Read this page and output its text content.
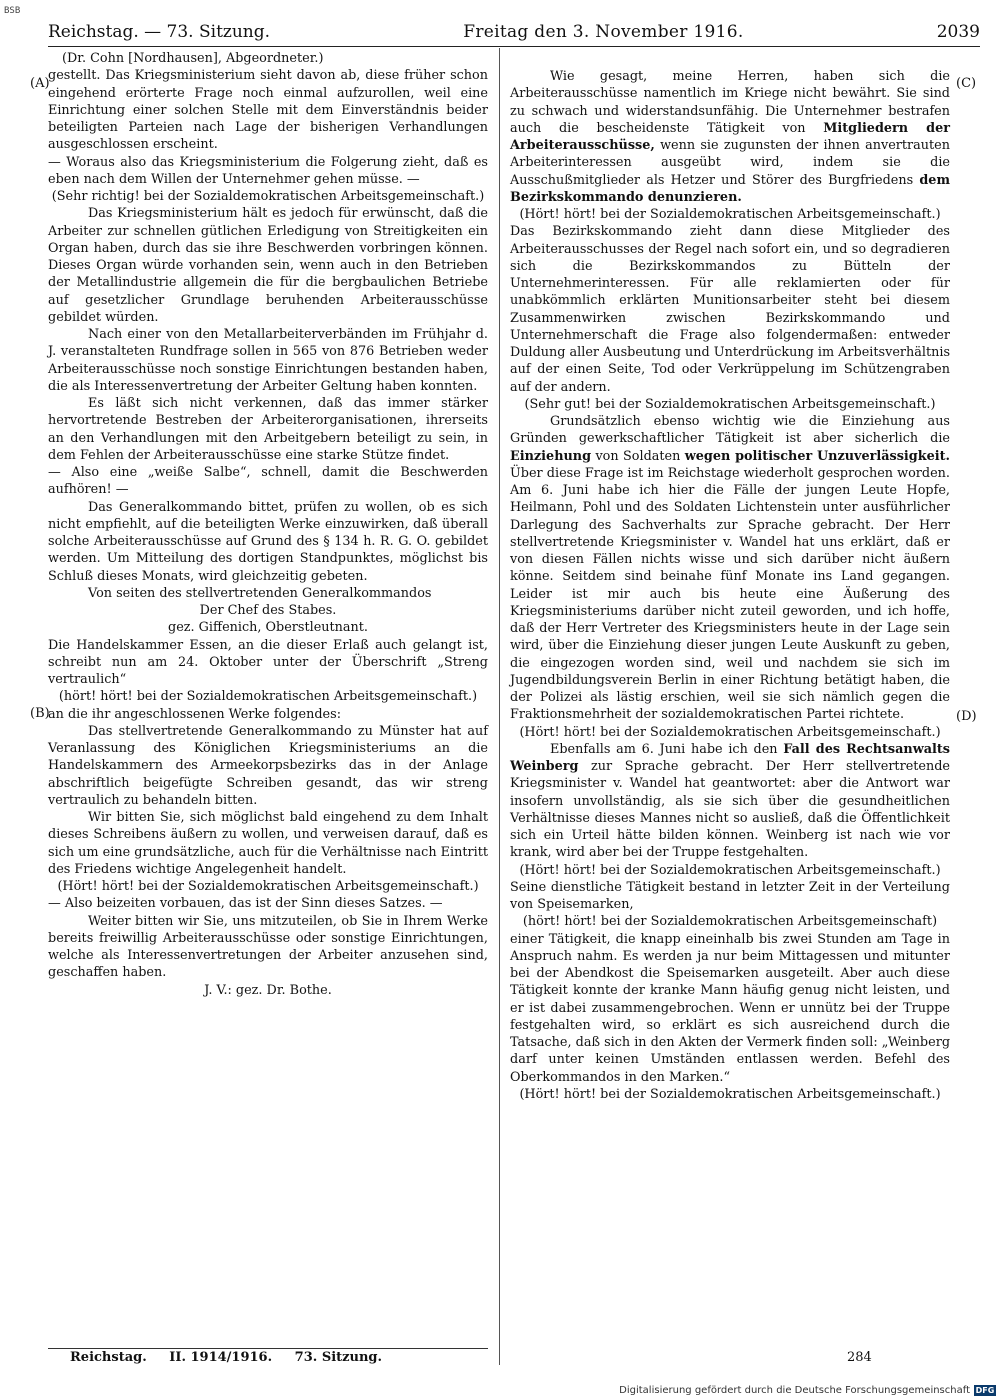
BSB
Reichstag. — 73. Sitzung.	Freitag den 3. November 1916.	2039
(A)
(B)
(C)
(D)

(Dr. Cohn [Nordhausen], Abgeordneter.)

gestellt. Das Kriegsministerium sieht davon ab, diese früher schon eingehend erörterte Frage noch einmal aufzurollen, weil eine Einrichtung einer solchen Stelle mit dem Einverständnis beider beteiligten Parteien nach Lage der bisherigen Verhandlungen ausgeschlossen erscheint.

— Woraus also das Kriegsministerium die Folgerung zieht, daß es eben nach dem Willen der Unternehmer gehen müsse. —

(Sehr richtig! bei der Sozialdemokratischen Arbeitsgemeinschaft.)

Das Kriegsministerium hält es jedoch für erwünscht, daß die Arbeiter zur schnellen gütlichen Erledigung von Streitigkeiten ein Organ haben, durch das sie ihre Beschwerden vorbringen können. Dieses Organ würde vorhanden sein, wenn auch in den Betrieben der Metallindustrie allgemein die für die bergbaulichen Betriebe auf gesetzlicher Grundlage beruhenden Arbeiterausschüsse gebildet würden.

Nach einer von den Metallarbeiterverbänden im Frühjahr d. J. veranstalteten Rundfrage sollen in 565 von 876 Betrieben weder Arbeiterausschüsse noch sonstige Einrichtungen bestanden haben, die als Interessenvertretung der Arbeiter Geltung haben konnten.

Es läßt sich nicht verkennen, daß das immer stärker hervortretende Bestreben der Arbeiterorganisationen, ihrerseits an den Verhandlungen mit den Arbeitgebern beteiligt zu sein, in dem Fehlen der Arbeiterausschüsse eine starke Stütze findet.

— Also eine „weiße Salbe“, schnell, damit die Beschwerden aufhören! —

Das Generalkommando bittet, prüfen zu wollen, ob es sich nicht empfiehlt, auf die beteiligten Werke einzuwirken, daß überall solche Arbeiterausschüsse auf Grund des § 134 h. R. G. O. gebildet werden. Um Mitteilung des dortigen Standpunktes, möglichst bis Schluß dieses Monats, wird gleichzeitig gebeten.

Von seiten des stellvertretenden Generalkommandos

Der Chef des Stabes.

gez. Giffenich, Oberstleutnant.

Die Handelskammer Essen, an die dieser Erlaß auch gelangt ist, schreibt nun am 24. Oktober unter der Überschrift „Streng vertraulich“

(hört! hört! bei der Sozialdemokratischen Arbeitsgemeinschaft.)

an die ihr angeschlossenen Werke folgendes:

Das stellvertretende Generalkommando zu Münster hat auf Veranlassung des Königlichen Kriegsministeriums an die Handelskammern des Armeekorpsbezirks das in der Anlage abschriftlich beigefügte Schreiben gesandt, das wir streng vertraulich zu behandeln bitten.

Wir bitten Sie, sich möglichst bald eingehend zu dem Inhalt dieses Schreibens äußern zu wollen, und verweisen darauf, daß es sich um eine grundsätzliche, auch für die Verhältnisse nach Eintritt des Friedens wichtige Angelegenheit handelt.

(Hört! hört! bei der Sozialdemokratischen Arbeitsgemeinschaft.)

— Also beizeiten vorbauen, das ist der Sinn dieses Satzes. —

Weiter bitten wir Sie, uns mitzuteilen, ob Sie in Ihrem Werke bereits freiwillig Arbeiterausschüsse oder sonstige Einrichtungen, welche als Interessenvertretungen der Arbeiter anzusehen sind, geschaffen haben.

J. V.: gez. Dr. Bothe.

Wie gesagt, meine Herren, haben sich die Arbeiterausschüsse namentlich im Kriege nicht bewährt. Sie sind zu schwach und widerstandsunfähig. Die Unternehmer bestrafen auch die bescheidenste Tätigkeit von Mitgliedern der Arbeiterausschüsse, wenn sie zugunsten der ihnen anvertrauten Arbeiterinteressen ausgeübt wird, indem sie die Ausschußmitglieder als Hetzer und Störer des Burgfriedens dem Bezirkskommando denunzieren.

(Hört! hört! bei der Sozialdemokratischen Arbeitsgemeinschaft.)

Das Bezirkskommando zieht dann diese Mitglieder des Arbeiterausschusses der Regel nach sofort ein, und so degradieren sich die Bezirkskommandos zu Bütteln der Unternehmerinteressen. Für alle reklamierten oder für unabkömmlich erklärten Munitionsarbeiter steht bei diesem Zusammenwirken zwischen Bezirkskommando und Unternehmerschaft die Frage also folgendermaßen: entweder Duldung aller Ausbeutung und Unterdrückung im Arbeitsverhältnis auf der einen Seite, Tod oder Verkrüppelung im Schützengraben auf der andern.

(Sehr gut! bei der Sozialdemokratischen Arbeitsgemeinschaft.)

Grundsätzlich ebenso wichtig wie die Einziehung aus Gründen gewerkschaftlicher Tätigkeit ist aber sicherlich die Einziehung von Soldaten wegen politischer Unzuverlässigkeit. Über diese Frage ist im Reichstage wiederholt gesprochen worden. Am 6. Juni habe ich hier die Fälle der jungen Leute Hopfe, Heilmann, Pohl und des Soldaten Lichtenstein unter ausführlicher Darlegung des Sachverhalts zur Sprache gebracht. Der Herr stellvertretende Kriegsminister v. Wandel hat uns erklärt, daß er von diesen Fällen nichts wisse und sich darüber nicht äußern könne. Seitdem sind beinahe fünf Monate ins Land gegangen. Leider ist mir auch bis heute eine Äußerung des Kriegsministeriums darüber nicht zuteil geworden, und ich hoffe, daß der Herr Vertreter des Kriegsministers heute in der Lage sein wird, über die Einziehung dieser jungen Leute Auskunft zu geben, die eingezogen worden sind, weil und nachdem sie sich im Jugendbildungsverein Berlin in einer Richtung betätigt haben, die der Polizei als lästig erschien, weil sie sich nämlich gegen die Fraktionsmehrheit der sozialdemokratischen Partei richtete.

(Hört! hört! bei der Sozialdemokratischen Arbeitsgemeinschaft.)

Ebenfalls am 6. Juni habe ich den Fall des Rechtsanwalts Weinberg zur Sprache gebracht. Der Herr stellvertretende Kriegsminister v. Wandel hat geantwortet: aber die Antwort war insofern unvollständig, als sie sich über die gesundheitlichen Verhältnisse dieses Mannes nicht so ausließ, daß die Öffentlichkeit sich ein Urteil hätte bilden können. Weinberg ist nach wie vor krank, wird aber bei der Truppe festgehalten.

(Hört! hört! bei der Sozialdemokratischen Arbeitsgemeinschaft.)

Seine dienstliche Tätigkeit bestand in letzter Zeit in der Verteilung von Speisemarken,

(hört! hört! bei der Sozialdemokratischen Arbeitsgemeinschaft)

einer Tätigkeit, die knapp eineinhalb bis zwei Stunden am Tage in Anspruch nahm. Es werden ja nur beim Mittagessen und mitunter bei der Abendkost die Speisemarken ausgeteilt. Aber auch diese Tätigkeit konnte der kranke Mann häufig genug nicht leisten, und er ist dabei zusammengebrochen. Wenn er unnütz bei der Truppe festgehalten wird, so erklärt es sich ausreichend durch die Tatsache, daß sich in den Akten der Vermerk finden soll: „Weinberg darf unter keinen Umständen entlassen werden. Befehl des Oberkommandos in den Marken.“

(Hört! hört! bei der Sozialdemokratischen Arbeitsgemeinschaft.)

Reichstag. II. 1914/1916. 73. Sitzung.	284
Digitalisierung gefördert durch die Deutsche Forschungsgemeinschaft DFG
